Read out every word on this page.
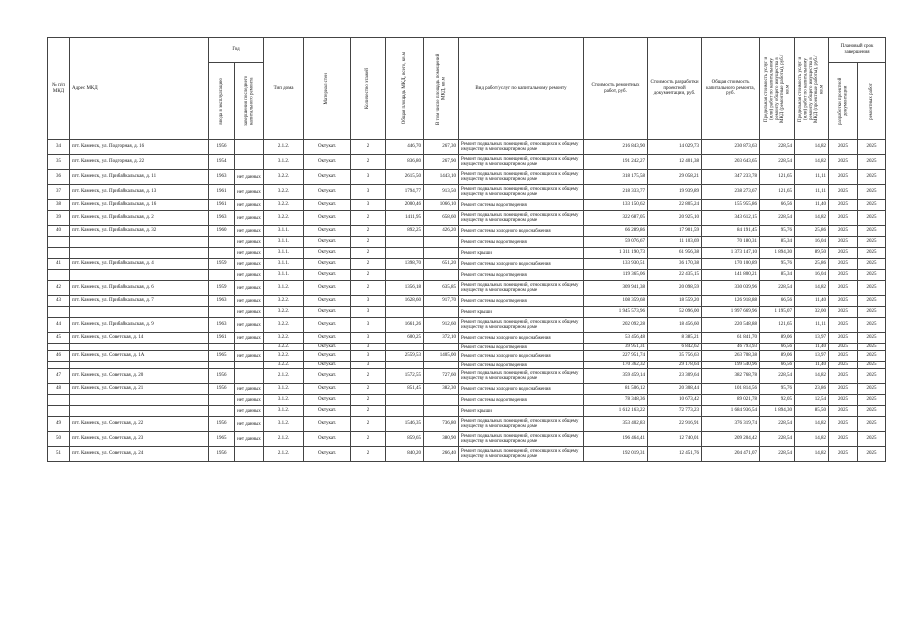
№ п/п МКД	Адрес МКД	Год		Тип дома	Материал стен	Количество этажей	Общая площадь МКД, всего, кв.м	В том числе площадь помещений МКД, кв.м	Вид работ/услуг по капитальному ремонту	Стоимость ремонтных работ, руб.	Стоимость разработки проектной документации, руб.	Общая стоимость капитального ремонта, руб.	Предельная стоимость услуг и (или) работ по капитальному ремонту общего имущества в МКД (ремонтные работы), руб./кв.м	Предельная стоимость услуг и (или) работ по капитальному ремонту общего имущества в МКД (проектные работы), руб./кв.м	Плановый срок завершения	

		ввода в эксплуатацию	завершения последнего капитального ремонта												разработки проектной документации	ремонтных работ

34	пгт. Каменск, ул. Подгорная, д. 16	1956		2.1.2.	Октукат.	2	446,70	267,30	Ремонт подвальных помещений, относящихся к общему имуществу в многоквартирном доме	216 843,90	14 029,73	230 873,63	228,54	14,82	2025	2025
35	пгт. Каменск, ул. Подгорная, д. 22	1954		3.1.2.	Октукат.	2	836,80	267,90	Ремонт подвальных помещений, относящихся к общему имуществу в многоквартирном доме	191 242,27	12 401,38	203 643,65	228,54	14,82	2025	2025
36	пгт. Каменск, ул. Прибайкальская, д. 11	1963	нет данных	3.2.2.	Октукат.	3	2615,50	1443,10	Ремонт подвальных помещений, относящихся к общему имуществу в многоквартирном доме	318 175,58	29 058,21	347 233,78	121,65	11,11	2025	2025
37	пгт. Каменск, ул. Прибайкальская, д. 13	1961	нет данных	3.2.2.	Октукат.	3	1794,77	913,50	Ремонт подвальных помещений, относящихся к общему имуществу в многоквартирном доме	218 333,77	19 939,89	238 273,67	121,65	11,11	2025	2025
38	пгт. Каменск, ул. Прибайкальская, д. 16	1961	нет данных	3.2.2.	Октукат.	3	2000,46	1066,10	Ремонт системы водоотведения	133 150,62	22 805,24	155 955,86	66,56	11,40	2025	2025
39	пгт. Каменск, ул. Прибайкальская, д. 2	1963	нет данных	3.2.2.	Октукат.	2	1411,95	658,60	Ремонт подвальных помещений, относящихся к общему имуществу в многоквартирном доме	322 687,05	20 925,10	343 612,15	228,54	14,82	2025	2025
40	пгт. Каменск, ул. Прибайкальская, д. 32	1960	нет данных	3.1.1.	Октукат.	2	892,25	426,20	Ремонт системы холодного водоснабжения	66 289,86	17 901,59	84 191,45	95,76	25,86	2025	2025
			нет данных	3.1.1.	Октукат.	2			Ремонт системы водоотведения	59 076,67	11 103,69	70 180,31	85,34	16,04	2025	2025
			нет данных	3.1.1.	Октукат.	2			Ремонт крыши	1 311 190,73	61 956,38	1 373 147,10	1 894,30	89,50	2025	2025
41	пгт. Каменск, ул. Прибайкальская, д. 4	1959	нет данных	3.1.1.	Октукат.	2	1398,70	651,20	Ремонт системы холодного водоснабжения	133 930,51	36 170,38	170 100,89	95,76	25,86	2025	2025
			нет данных	3.1.1.	Октукат.	2			Ремонт системы водоотведения	119 365,06	22 435,15	141 800,21	85,34	16,04	2025	2025
42	пгт. Каменск, ул. Прибайкальская, д. 6	1959	нет данных	3.1.2.	Октукат.	2	1356,18	635,85	Ремонт подвальных помещений, относящихся к общему имуществу в многоквартирном доме	309 941,38	20 098,59	330 039,96	228,54	14,82	2025	2025
43	пгт. Каменск, ул. Прибайкальская, д. 7	1963	нет данных	3.2.2.	Октукат.	3	1628,60	917,70	Ремонт системы водоотведения	108 359,68	18 559,20	126 918,88	66,56	11,40	2025	2025
			нет данных	3.2.2.	Октукат.	3			Ремонт крыши	1 945 573,96	52 096,00	1 997 669,96	1 195,07	32,00	2025	2025
44	пгт. Каменск, ул. Прибайкальская, д. 9	1963	нет данных	3.2.2.	Октукат.	3	1661,26	912,60	Ремонт подвальных помещений, относящихся к общему имуществу в многоквартирном доме	202 092,28	18 456,60	220 548,88	121,65	11,11	2025	2025
45	пгт. Каменск, ул. Советская, д. 14	1961	нет данных	3.2.2.	Октукат.	3	600,25	372,10	Ремонт системы холодного водоснабжения	53 456,48	8 385,21	61 841,70	89,06	13,97	2025	2025
				3.2.2.	Октукат.	3			Ремонт системы водоотведения	39 951,31	6 842,62	46 793,93	66,56	11,40	2025	2025
46	пгт. Каменск, ул. Советская, д. 1А	1965	нет данных	3.2.2.	Октукат.	3	2559,53	1405,00	Ремонт системы холодного водоснабжения	227 951,74	35 756,63	263 708,38	89,06	13,97	2025	2025
				3.2.2.	Октукат.	3			Ремонт системы водоотведения	170 362,32	29 178,64	199 540,96	66,56	11,40	2025	2025
47	пгт. Каменск, ул. Советская, д. 20	1956		2.1.2.	Октукат.	2	1572,55	727,60	Ремонт подвальных помещений, относящихся к общему имуществу в многоквартирном доме	359 459,14	23 309,64	382 768,78	228,54	14,82	2025	2025
48	пгт. Каменск, ул. Советская, д. 21	1956	нет данных	3.1.2.	Октукат.	2	851,45	382,30	Ремонт системы холодного водоснабжения	81 506,12	20 308,44	101 814,56	95,76	23,86	2025	2025
			нет данных	3.1.2.	Октукат.	2			Ремонт системы водоотведения	78 348,36	10 673,42	89 021,78	92,05	12,54	2025	2025
			нет данных	3.1.2.	Октукат.	2			Ремонт крыши	1 612 163,22	72 773,23	1 684 936,54	1 894,30	85,50	2025	2025
49	пгт. Каменск, ул. Советская, д. 22	1956	нет данных	3.1.2.	Октукат.	2	1546,35	736,80	Ремонт подвальных помещений, относящихся к общему имуществу в многоквартирном доме	353 402,83	22 916,91	376 319,74	228,54	14,82	2025	2025
50	пгт. Каменск, ул. Советская, д. 23	1965	нет данных	2.1.2.	Октукат.	2	859,65	380,90	Ремонт подвальных помещений, относящихся к общему имуществу в многоквартирном доме	196 464,41	12 740,01	209 204,42	228,54	14,82	2025	2025
51	пгт. Каменск, ул. Советская, д. 24	1956		2.1.2.	Октукат.	2	840,20	266,40	Ремонт подвальных помещений, относящихся к общему имуществу в многоквартирном доме	192 019,31	12 451,76	204 471,07	228,54	14,82	2025	2025
